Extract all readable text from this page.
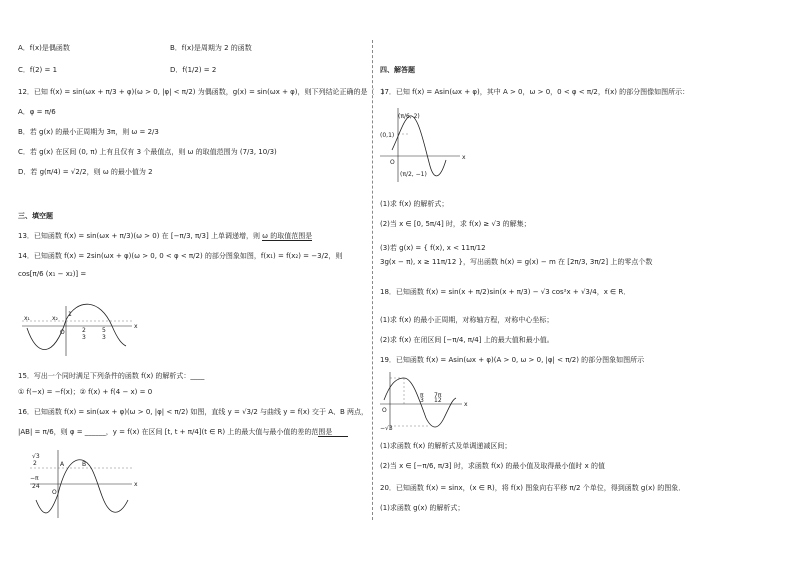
A．f(x)是偶函数	B．f(x)是周期为 2 的函数
C．f(2) = 1	D．f(1/2) = 2
12．已知 f(x) = sin(ωx + π/3 + φ)(ω > 0, |φ| < π/2) 为偶函数，g(x) = sin(ωx + φ)，则下列结论正确的是（　）
A．φ = π/6
B．若 g(x) 的最小正周期为 3π，则 ω = 2/3
C．若 g(x) 在区间 (0, π) 上有且仅有 3 个最值点，则 ω 的取值范围为 (7/3, 10/3)
D．若 g(π/4) = √2/2，则 ω 的最小值为 2
三、填空题
13．已知函数 f(x) = sin(ωx + π/3)(ω > 0) 在 [−π/3, π/3] 上单调递增，则 ω 的取值范围是
14．已知函数 f(x) = 2sin(ωx + φ)(ω > 0, 0 < φ < π/2) 的部分图象如图，f(x₁) = f(x₂) = −3/2，则
cos[π/6 (x₁ − x₂)] =
x₁	x₂
1
O	2
3
5
3
x
15．写出一个同时满足下列条件的函数 f(x) 的解析式：____
① f(−x) = −f(x)；② f(x) + f(4 − x) = 0
16．已知函数 f(x) = sin(ωx + φ)(ω > 0, |φ| < π/2) 如图，直线 y = √3/2 与曲线 y = f(x) 交于 A、B 两点，
|AB| = π/6，则 φ = ______，y = f(x) 在区间 [t, t + π/4](t ∈ R) 上的最大值与最小值的差的范围是
A	B
√3
2
−π
24
O
x
四、解答题
17．已知 f(x) = Asin(ωx + φ)，其中 A > 0，ω > 0，0 < φ < π/2，f(x) 的部分图像如图所示：
(π/6, 2)
(0,1)
O
(π/2, −1)
x
(1)求 f(x) 的解析式；
(2)当 x ∈ [0, 5π/4] 时，求 f(x) ≥ √3 的解集；
(3)若 g(x) = { f(x), x < 11π/12
3g(x − π), x ≥ 11π/12 }，写出函数 h(x) = g(x) − m 在 [2π/3, 3π/2] 上的零点个数
18．已知函数 f(x) = sin(x + π/2)sin(x + π/3) − √3 cos²x + √3/4，x ∈ R．
(1)求 f(x) 的最小正周期，对称轴方程，对称中心坐标；
(2)求 f(x) 在闭区间 [−π/4, π/4] 上的最大值和最小值。
19．已知函数 f(x) = Asin(ωx + φ)(A > 0, ω > 0, |φ| < π/2) 的部分图象如图所示
π
3
7π
12
O
−√3
x
(1)求函数 f(x) 的解析式及单调递减区间；
(2)当 x ∈ [−π/6, π/3] 时，求函数 f(x) 的最小值及取得最小值时 x 的值
20．已知函数 f(x) = sinx，(x ∈ R)，将 f(x) 图象向右平移 π/2 个单位，得到函数 g(x) 的图象．
(1)求函数 g(x) 的解析式；
